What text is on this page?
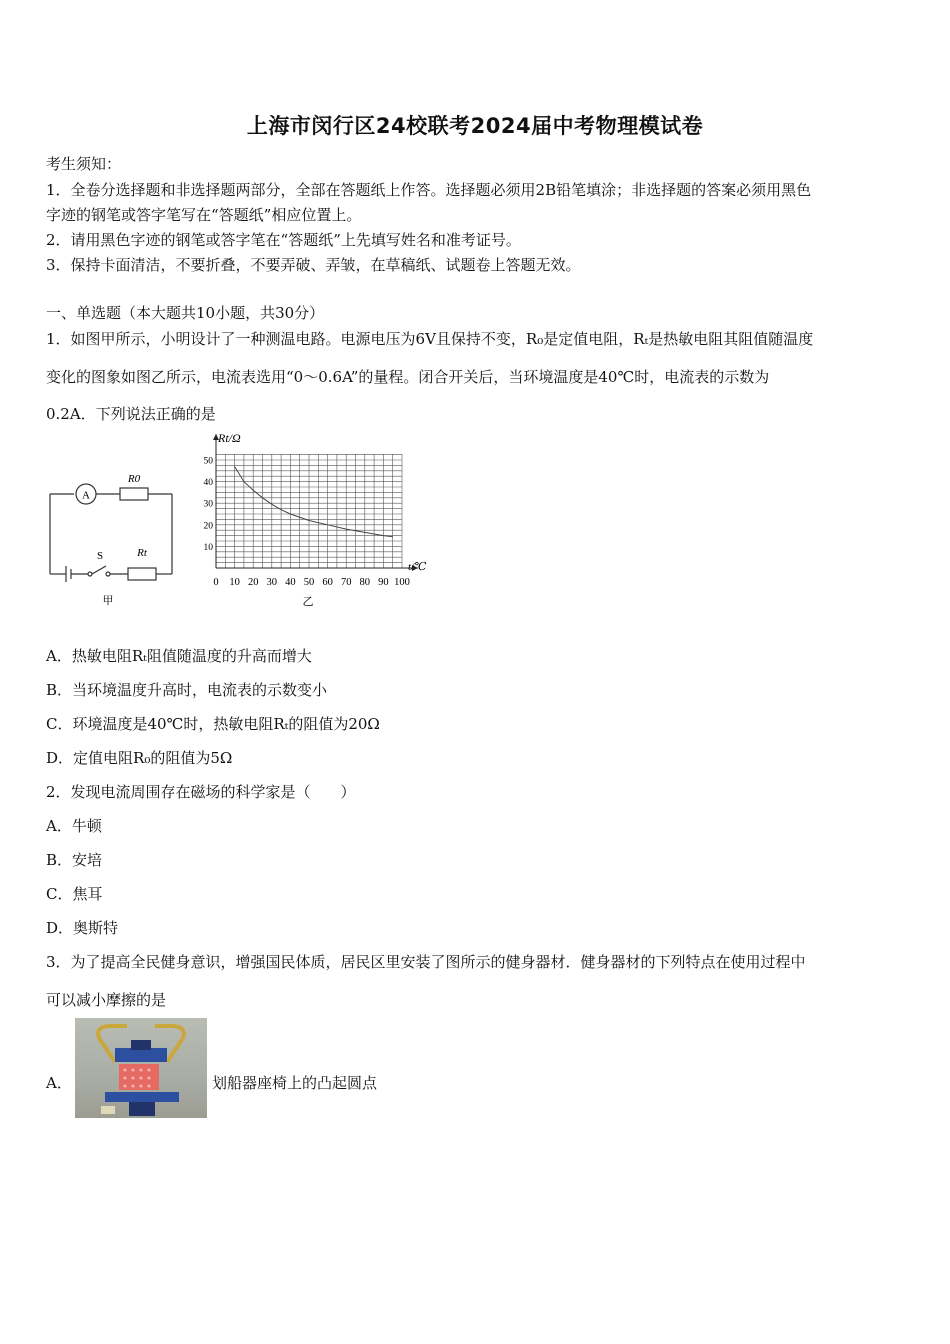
上海市闵行区24校联考2024届中考物理模试卷
考生须知：
1．全卷分选择题和非选择题两部分，全部在答题纸上作答。选择题必须用2B铅笔填涂；非选择题的答案必须用黑色
字迹的钢笔或答字笔写在“答题纸”相应位置上。
2．请用黑色字迹的钢笔或答字笔在“答题纸”上先填写姓名和准考证号。
3．保持卡面清洁，不要折叠，不要弄破、弄皱，在草稿纸、试题卷上答题无效。
一、单选题（本大题共10小题，共30分）
1．如图甲所示，小明设计了一种测温电路。电源电压为6V且保持不变，R₀是定值电阻，Rₜ是热敏电阻其阻值随温度
变化的图象如图乙所示，电流表选用“0～0.6A”的量程。闭合开关后，当环境温度是40℃时，电流表的示数为
0.2A．下列说法正确的是
A
R0
S	Rt
甲
0 10 20 30 40 50 60 70 80 90 100
10
20
30
40
50
Rt/Ω
t/℃
乙
A．热敏电阻Rₜ阻值随温度的升高而增大
B．当环境温度升高时，电流表的示数变小
C．环境温度是40℃时，热敏电阻Rₜ的阻值为20Ω
D．定值电阻R₀的阻值为5Ω
2．发现电流周围存在磁场的科学家是（　　）
A．牛顿
B．安培
C．焦耳
D．奥斯特
3．为了提高全民健身意识，增强国民体质，居民区里安装了图所示的健身器材．健身器材的下列特点在使用过程中
可以减小摩擦的是
A．	划船器座椅上的凸起圆点
